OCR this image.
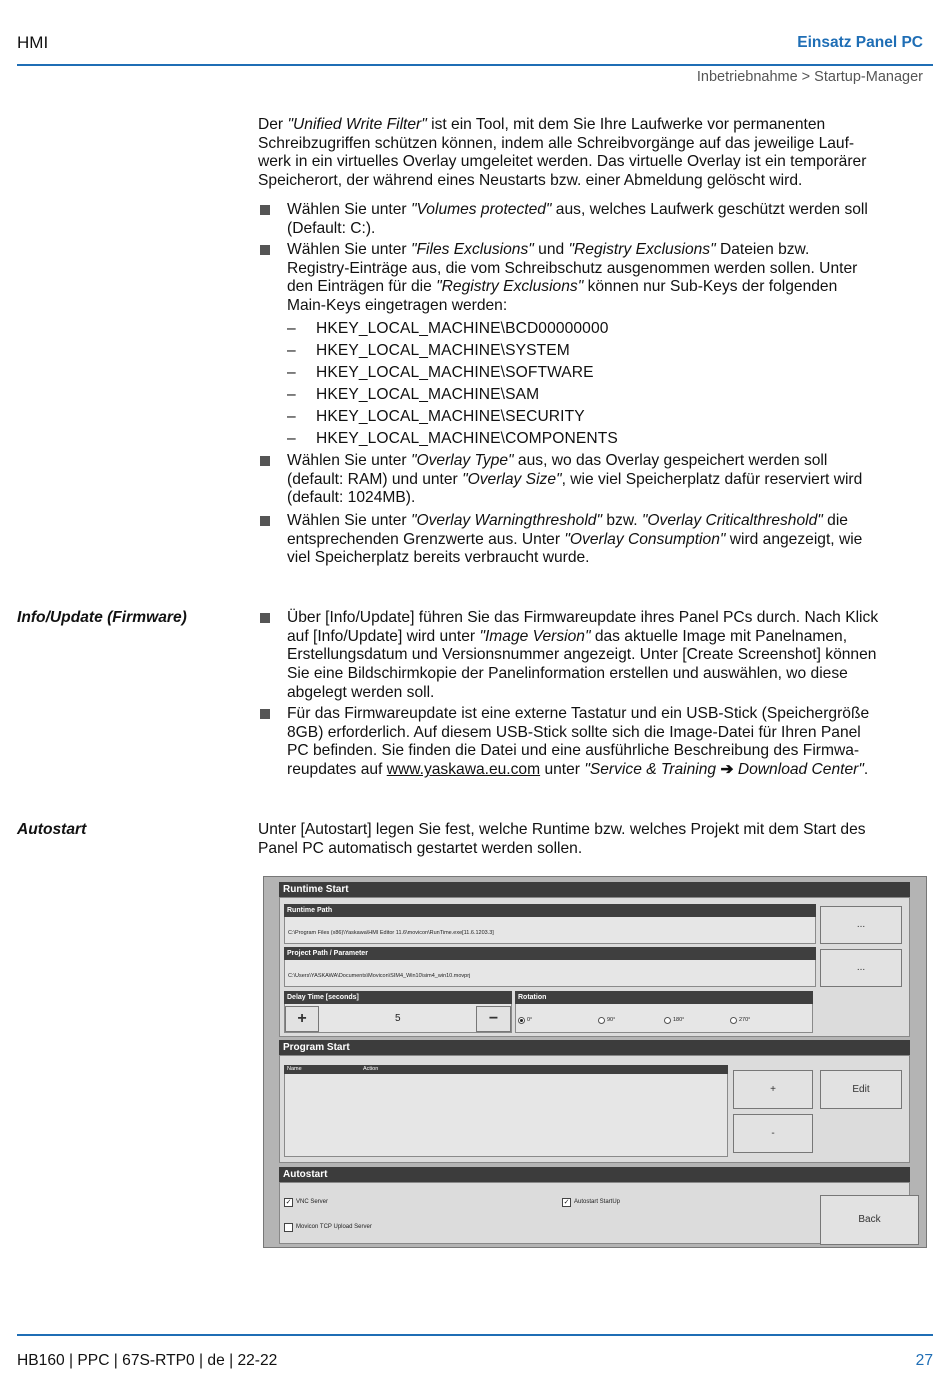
HMI	Einsatz Panel PC
Inbetriebnahme > Startup-Manager
Der "Unified Write Filter" ist ein Tool, mit dem Sie Ihre Laufwerke vor permanenten
Schreibzugriffen schützen können, indem alle Schreibvorgänge auf das jeweilige Lauf-
werk in ein virtuelles Overlay umgeleitet werden. Das virtuelle Overlay ist ein temporärer
Speicherort, der während eines Neustarts bzw. einer Abmeldung gelöscht wird.
Wählen Sie unter "Volumes protected" aus, welches Laufwerk geschützt werden soll
(Default: C:).
Wählen Sie unter "Files Exclusions" und "Registry Exclusions" Dateien bzw.
Registry-Einträge aus, die vom Schreibschutz ausgenommen werden sollen. Unter
den Einträgen für die "Registry Exclusions" können nur Sub-Keys der folgenden
Main-Keys eingetragen werden:
– HKEY_LOCAL_MACHINE\BCD00000000
– HKEY_LOCAL_MACHINE\SYSTEM
– HKEY_LOCAL_MACHINE\SOFTWARE
– HKEY_LOCAL_MACHINE\SAM
– HKEY_LOCAL_MACHINE\SECURITY
– HKEY_LOCAL_MACHINE\COMPONENTS
Wählen Sie unter "Overlay Type" aus, wo das Overlay gespeichert werden soll
(default: RAM) und unter "Overlay Size", wie viel Speicherplatz dafür reserviert wird
(default: 1024MB).
Wählen Sie unter "Overlay Warningthreshold" bzw. "Overlay Criticalthreshold" die
entsprechenden Grenzwerte aus. Unter "Overlay Consumption" wird angezeigt, wie
viel Speicherplatz bereits verbraucht wurde.
Info/Update (Firmware)	Über [Info/Update] führen Sie das Firmwareupdate ihres Panel PCs durch. Nach Klick
auf [Info/Update] wird unter "Image Version" das aktuelle Image mit Panelnamen,
Erstellungsdatum und Versionsnummer angezeigt. Unter [Create Screenshot] können
Sie eine Bildschirmkopie der Panelinformation erstellen und auswählen, wo diese
abgelegt werden soll.
Für das Firmwareupdate ist eine externe Tastatur und ein USB-Stick (Speichergröße
8GB) erforderlich. Auf diesem USB-Stick sollte sich die Image-Datei für Ihren Panel
PC befinden. Sie finden die Datei und eine ausführliche Beschreibung des Firmwa-
reupdates auf www.yaskawa.eu.com unter "Service & Training ➔ Download Center".
Autostart	Unter [Autostart] legen Sie fest, welche Runtime bzw. welches Projekt mit dem Start des
Panel PC automatisch gestartet werden sollen.
Runtime Start
Runtime Path
C:\Program Files (x86)\Yaskawa\HMI Editor 11.6\movicon\RunTime.exe[11.6.1203.3]
...
Project Path / Parameter
C:\Users\YASKAWA\Documents\Movicon\SIM4_Win10\sim4_win10.movprj
...
Delay Time [seconds]
+	5	−
Rotation
0°	90°	180°	270°
Program Start
Name	Action
+	Edit
-
Autostart
✓ VNC Server	✓ Autostart StartUp
Movicon TCP Upload Server
Back
HB160 | PPC | 67S-RTP0 | de | 22-22	27
